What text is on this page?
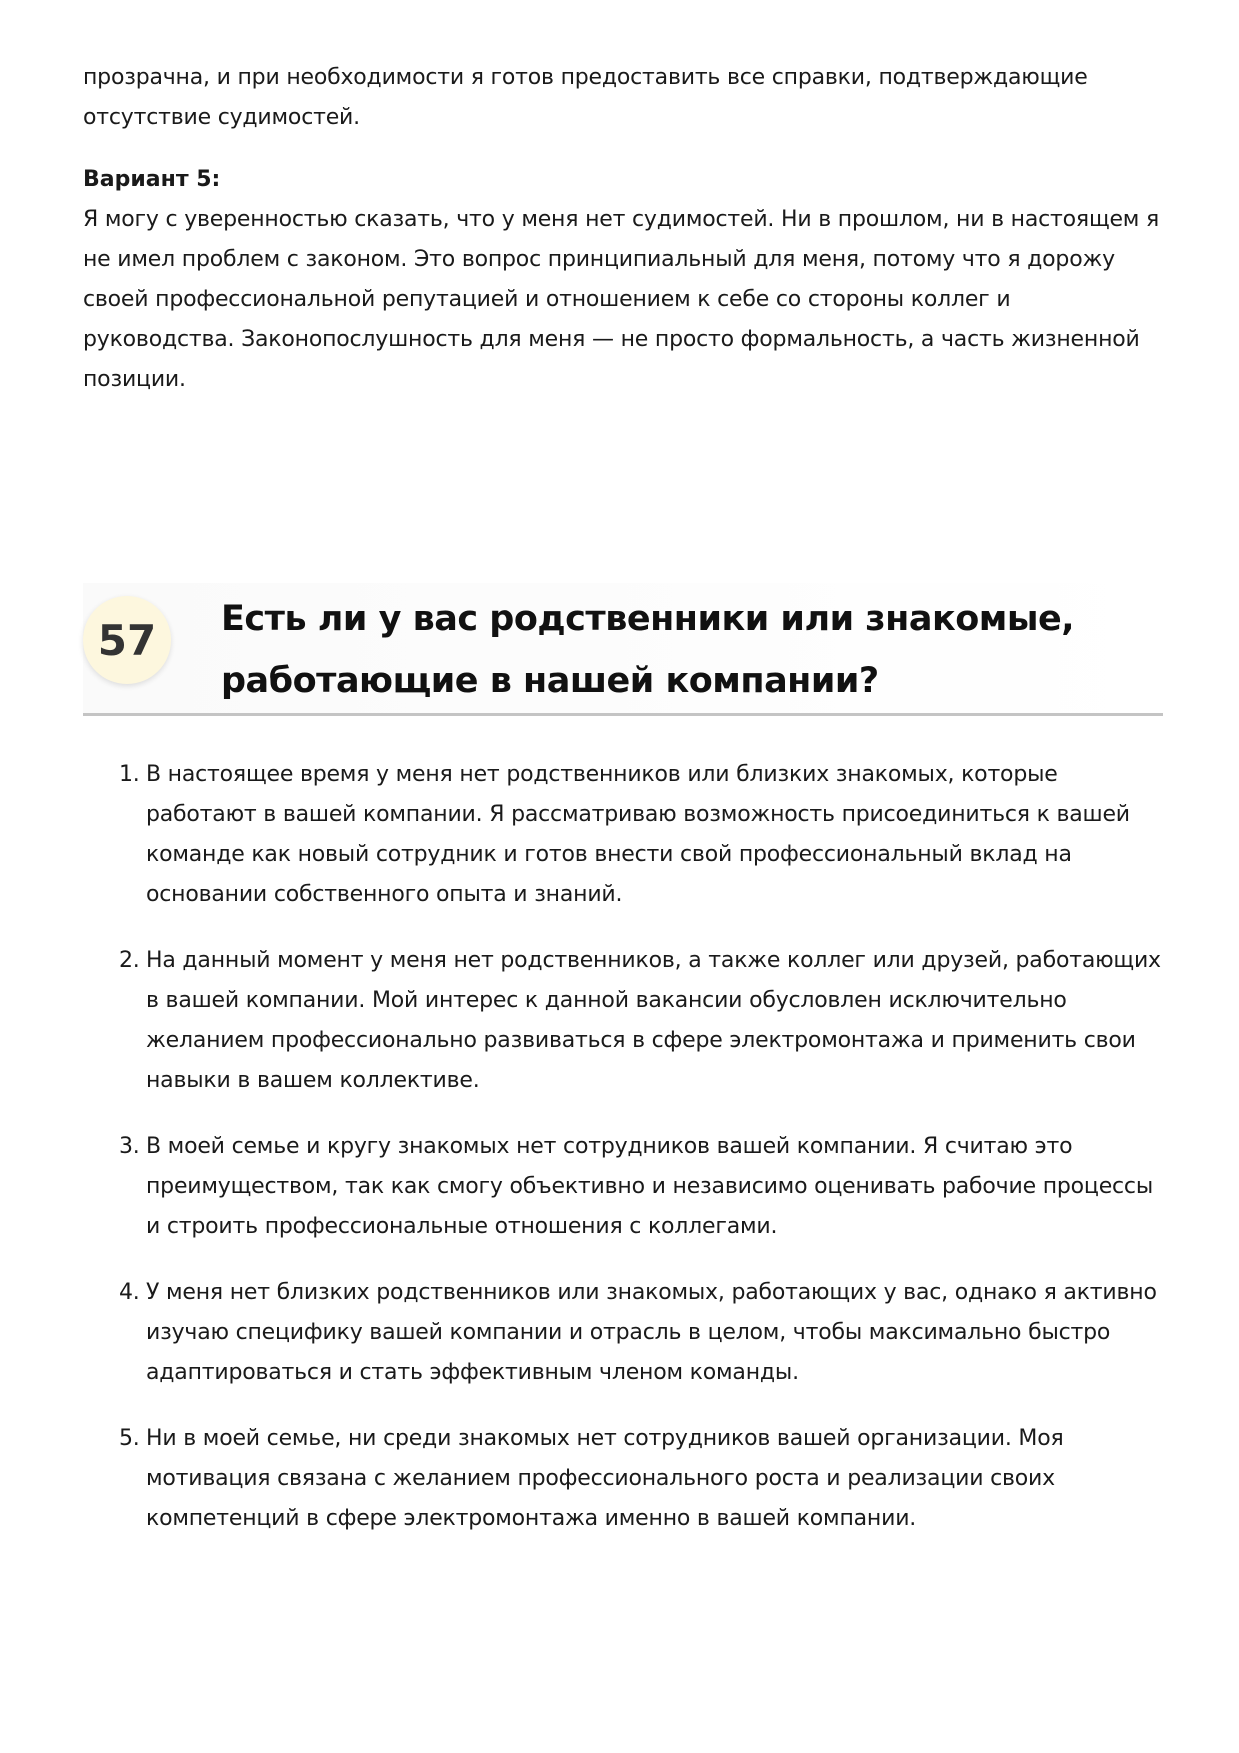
прозрачна, и при необходимости я готов предоставить все справки, подтверждающие отсутствие судимостей.

Вариант 5:

Я могу с уверенностью сказать, что у меня нет судимостей. Ни в прошлом, ни в настоящем я не имел проблем с законом. Это вопрос принципиальный для меня, потому что я дорожу своей профессиональной репутацией и отношением к себе со стороны коллег и руководства. Законопослушность для меня — не просто формальность, а часть жизненной позиции.

57	Есть ли у вас родственники или знакомые, работающие в нашей компании?
1. В настоящее время у меня нет родственников или близких знакомых, которые работают в вашей компании. Я рассматриваю возможность присоединиться к вашей команде как новый сотрудник и готов внести свой профессиональный вклад на основании собственного опыта и знаний.
2. На данный момент у меня нет родственников, а также коллег или друзей, работающих в вашей компании. Мой интерес к данной вакансии обусловлен исключительно желанием профессионально развиваться в сфере электромонтажа и применить свои навыки в вашем коллективе.
3. В моей семье и кругу знакомых нет сотрудников вашей компании. Я считаю это преимуществом, так как смогу объективно и независимо оценивать рабочие процессы и строить профессиональные отношения с коллегами.
4. У меня нет близких родственников или знакомых, работающих у вас, однако я активно изучаю специфику вашей компании и отрасль в целом, чтобы максимально быстро адаптироваться и стать эффективным членом команды.
5. Ни в моей семье, ни среди знакомых нет сотрудников вашей организации. Моя мотивация связана с желанием профессионального роста и реализации своих компетенций в сфере электромонтажа именно в вашей компании.
